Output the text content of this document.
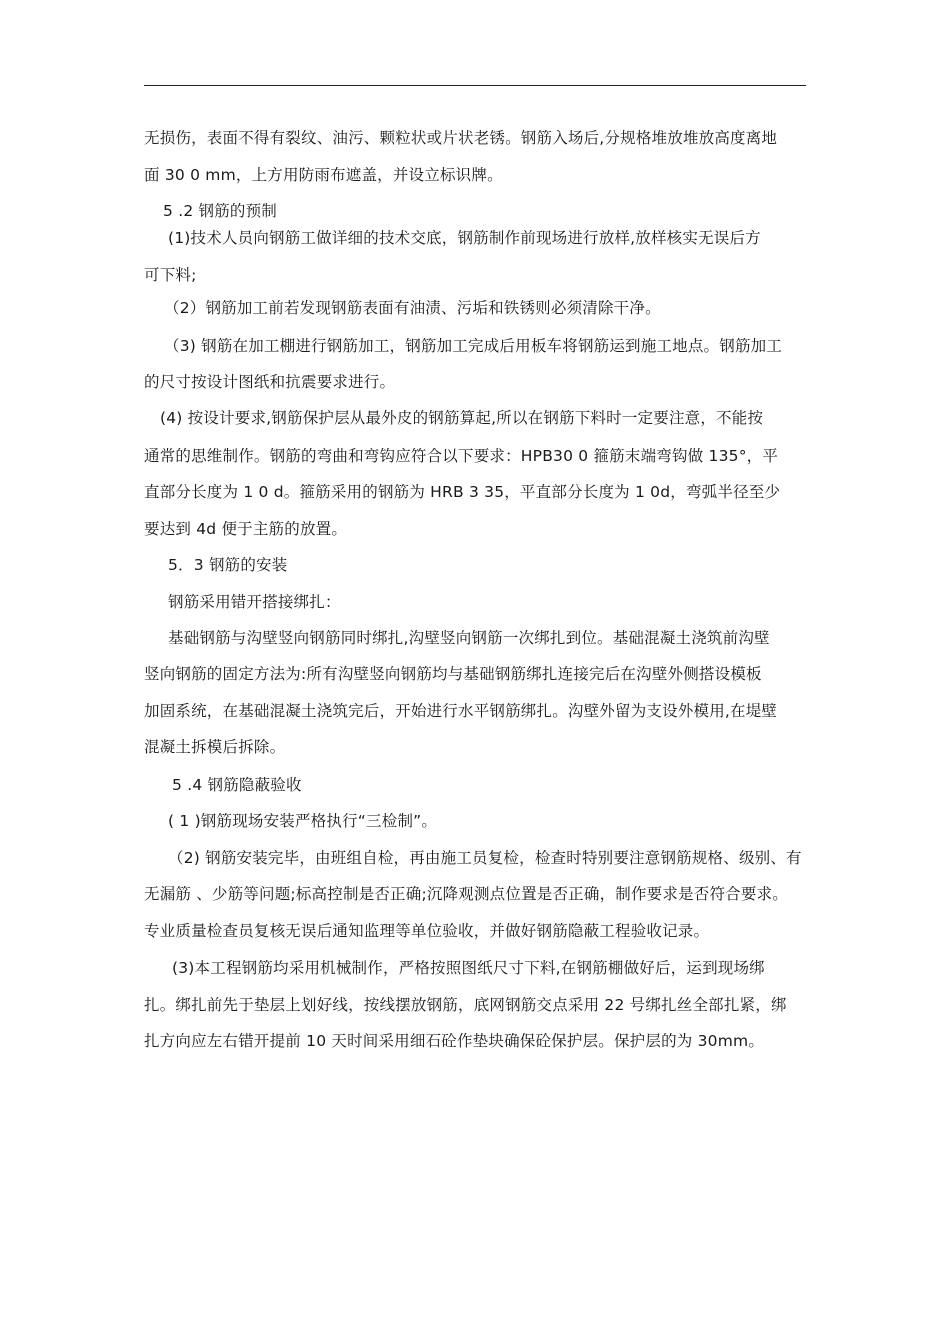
无损伤，表面不得有裂纹、油污、颗粒状或片状老锈。钢筋入场后,分规格堆放堆放高度离地
面 30 0 mm，上方用防雨布遮盖，并设立标识牌。
5 .2 钢筋的预制
(1)技术人员向钢筋工做详细的技术交底，钢筋制作前现场进行放样,放样核实无误后方
可下料;
（2）钢筋加工前若发现钢筋表面有油渍、污垢和铁锈则必须清除干净。
（3) 钢筋在加工棚进行钢筋加工，钢筋加工完成后用板车将钢筋运到施工地点。钢筋加工
的尺寸按设计图纸和抗震要求进行。
(4) 按设计要求,钢筋保护层从最外皮的钢筋算起,所以在钢筋下料时一定要注意，不能按
通常的思维制作。钢筋的弯曲和弯钩应符合以下要求：HPB30 0 箍筋末端弯钩做 135°，平
直部分长度为 1 0 d。箍筋采用的钢筋为 HRB 3 35，平直部分长度为 1 0d，弯弧半径至少
要达到 4d 便于主筋的放置。
5．3 钢筋的安装
钢筋采用错开搭接绑扎：
基础钢筋与沟壁竖向钢筋同时绑扎,沟壁竖向钢筋一次绑扎到位。基础混凝土浇筑前沟壁
竖向钢筋的固定方法为:所有沟壁竖向钢筋均与基础钢筋绑扎连接完后在沟壁外侧搭设模板
加固系统，在基础混凝土浇筑完后，开始进行水平钢筋绑扎。沟壁外留为支设外模用,在堤壁
混凝土拆模后拆除。
5 .4 钢筋隐蔽验收
( 1 )钢筋现场安装严格执行“三检制”。
（2) 钢筋安装完毕，由班组自检，再由施工员复检，检查时特别要注意钢筋规格、级别、有
无漏筋 、少筋等问题;标高控制是否正确;沉降观测点位置是否正确，制作要求是否符合要求。
专业质量检查员复核无误后通知监理等单位验收，并做好钢筋隐蔽工程验收记录。
(3)本工程钢筋均采用机械制作，严格按照图纸尺寸下料,在钢筋棚做好后，运到现场绑
扎。绑扎前先于垫层上划好线，按线摆放钢筋，底网钢筋交点采用 22 号绑扎丝全部扎紧，绑
扎方向应左右错开提前 10 天时间采用细石砼作垫块确保砼保护层。保护层的为 30mm。
